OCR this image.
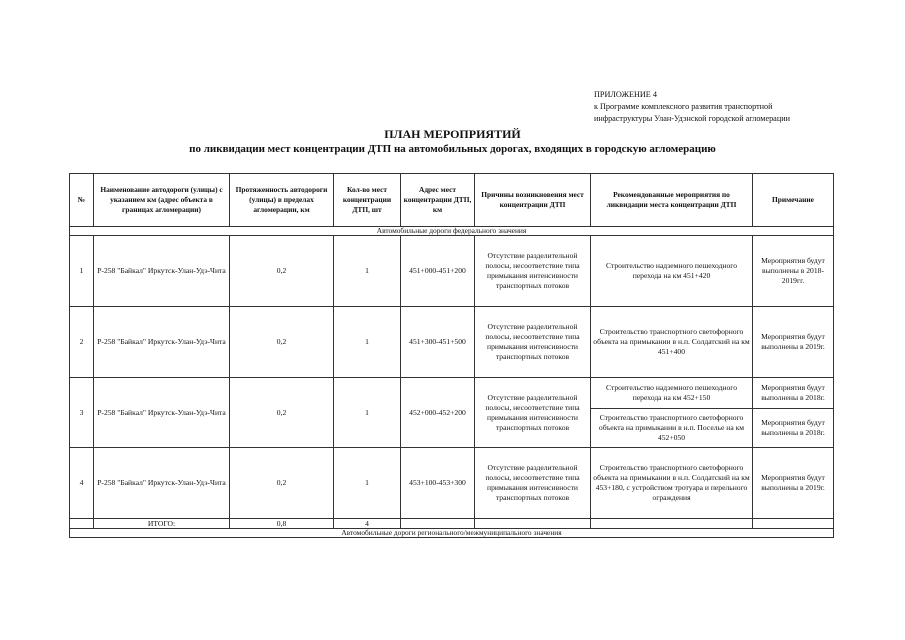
ПРИЛОЖЕНИЕ 4
к Программе комплексного развития транспортной
инфраструктуры Улан-Удэнской городской агломерации
ПЛАН МЕРОПРИЯТИЙ
по ликвидации мест концентрации ДТП на автомобильных дорогах, входящих в городскую агломерацию
№	Наименование автодороги (улицы) с указанием км (адрес объекта в границах агломерации)	Протяженность автодороги (улицы) в пределах агломерации, км	Кол-во мест концентрации ДТП, шт	Адрес мест концентрации ДТП, км	Причины возникновения мест концентрации ДТП	Рекомендованные мероприятия по ликвидации места концентрации ДТП	Примечание
Автомобильные дороги федерального значения							
1	Р-258 "Байкал" Иркутск-Улан-Удэ-Чита	0,2	1	451+000-451+200	Отсутствие разделительной полосы, несоответствие типа примыкания интенсивности транспортных потоков	Строительство надземного пешеходного перехода на км 451+420	Мероприятия будут выполнены в 2018-2019гг.
2	Р-258 "Байкал" Иркутск-Улан-Удэ-Чита	0,2	1	451+300-451+500	Отсутствие разделительной полосы, несоответствие типа примыкания интенсивности транспортных потоков	Строительство транспортного светофорного объекта на примыкании в н.п. Солдатский на км 451+400	Мероприятия будут выполнены в 2019г.
3	Р-258 "Байкал" Иркутск-Улан-Удэ-Чита	0,2	1	452+000-452+200	Отсутствие разделительной полосы, несоответствие типа примыкания интенсивности транспортных потоков	Строительство надземного пешеходного перехода на км 452+150	Мероприятия будут выполнены в 2018г.
						Строительство транспортного светофорного объекта на примыкании в н.п. Поселье на км 452+050	Мероприятия будут выполнены в 2018г.
4	Р-258 "Байкал" Иркутск-Улан-Удэ-Чита	0,2	1	453+100-453+300	Отсутствие разделительной полосы, несоответствие типа примыкания интенсивности транспортных потоков	Строительство транспортного светофорного объекта на примыкании в н.п. Солдатский на км 453+180, с устройством тротуара и перельного ограждения	Мероприятия будут выполнены в 2019г.
	ИТОГО:	0,8	4				
Автомобильные дороги регионального/межмуниципального значения							
